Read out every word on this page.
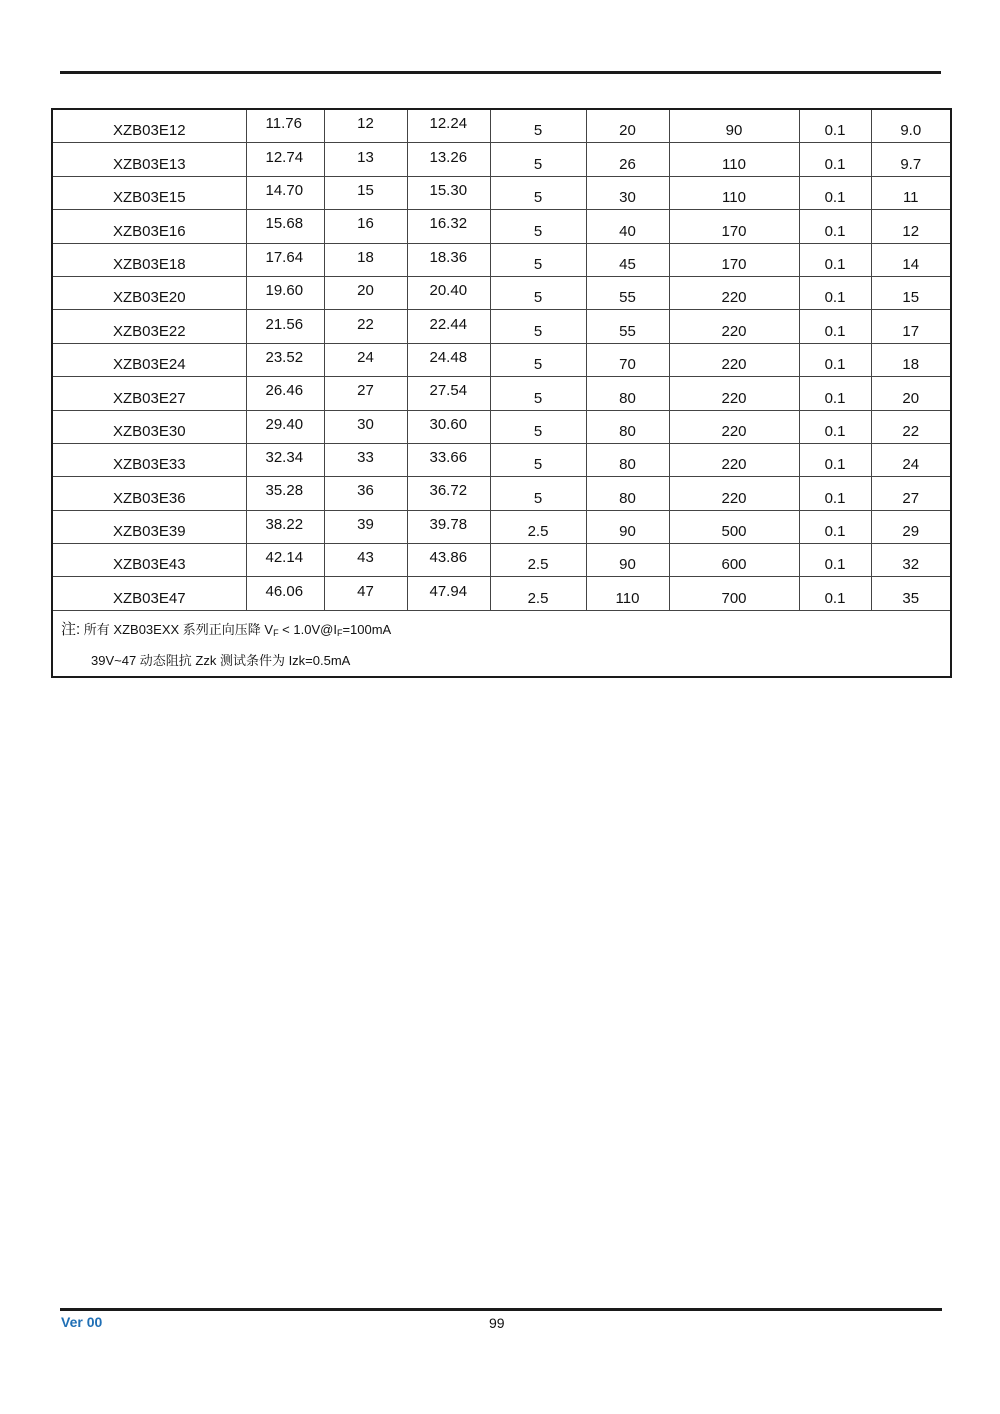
XZB03E12	11.76	12	12.24	5	20	90	0.1	9.0
XZB03E13	12.74	13	13.26	5	26	110	0.1	9.7
XZB03E15	14.70	15	15.30	5	30	110	0.1	11
XZB03E16	15.68	16	16.32	5	40	170	0.1	12
XZB03E18	17.64	18	18.36	5	45	170	0.1	14
XZB03E20	19.60	20	20.40	5	55	220	0.1	15
XZB03E22	21.56	22	22.44	5	55	220	0.1	17
XZB03E24	23.52	24	24.48	5	70	220	0.1	18
XZB03E27	26.46	27	27.54	5	80	220	0.1	20
XZB03E30	29.40	30	30.60	5	80	220	0.1	22
XZB03E33	32.34	33	33.66	5	80	220	0.1	24
XZB03E36	35.28	36	36.72	5	80	220	0.1	27
XZB03E39	38.22	39	39.78	2.5	90	500	0.1	29
XZB03E43	42.14	43	43.86	2.5	90	600	0.1	32
XZB03E47	46.06	47	47.94	2.5	110	700	0.1	35

注: 所有 XZB03EXX 系列正向压降 $V_F$ < $1.0V@I_F=100mA$
39V~47 动态阻抗 Zzk 测试条件为 Izk=0.5mA								
Ver 00	99
